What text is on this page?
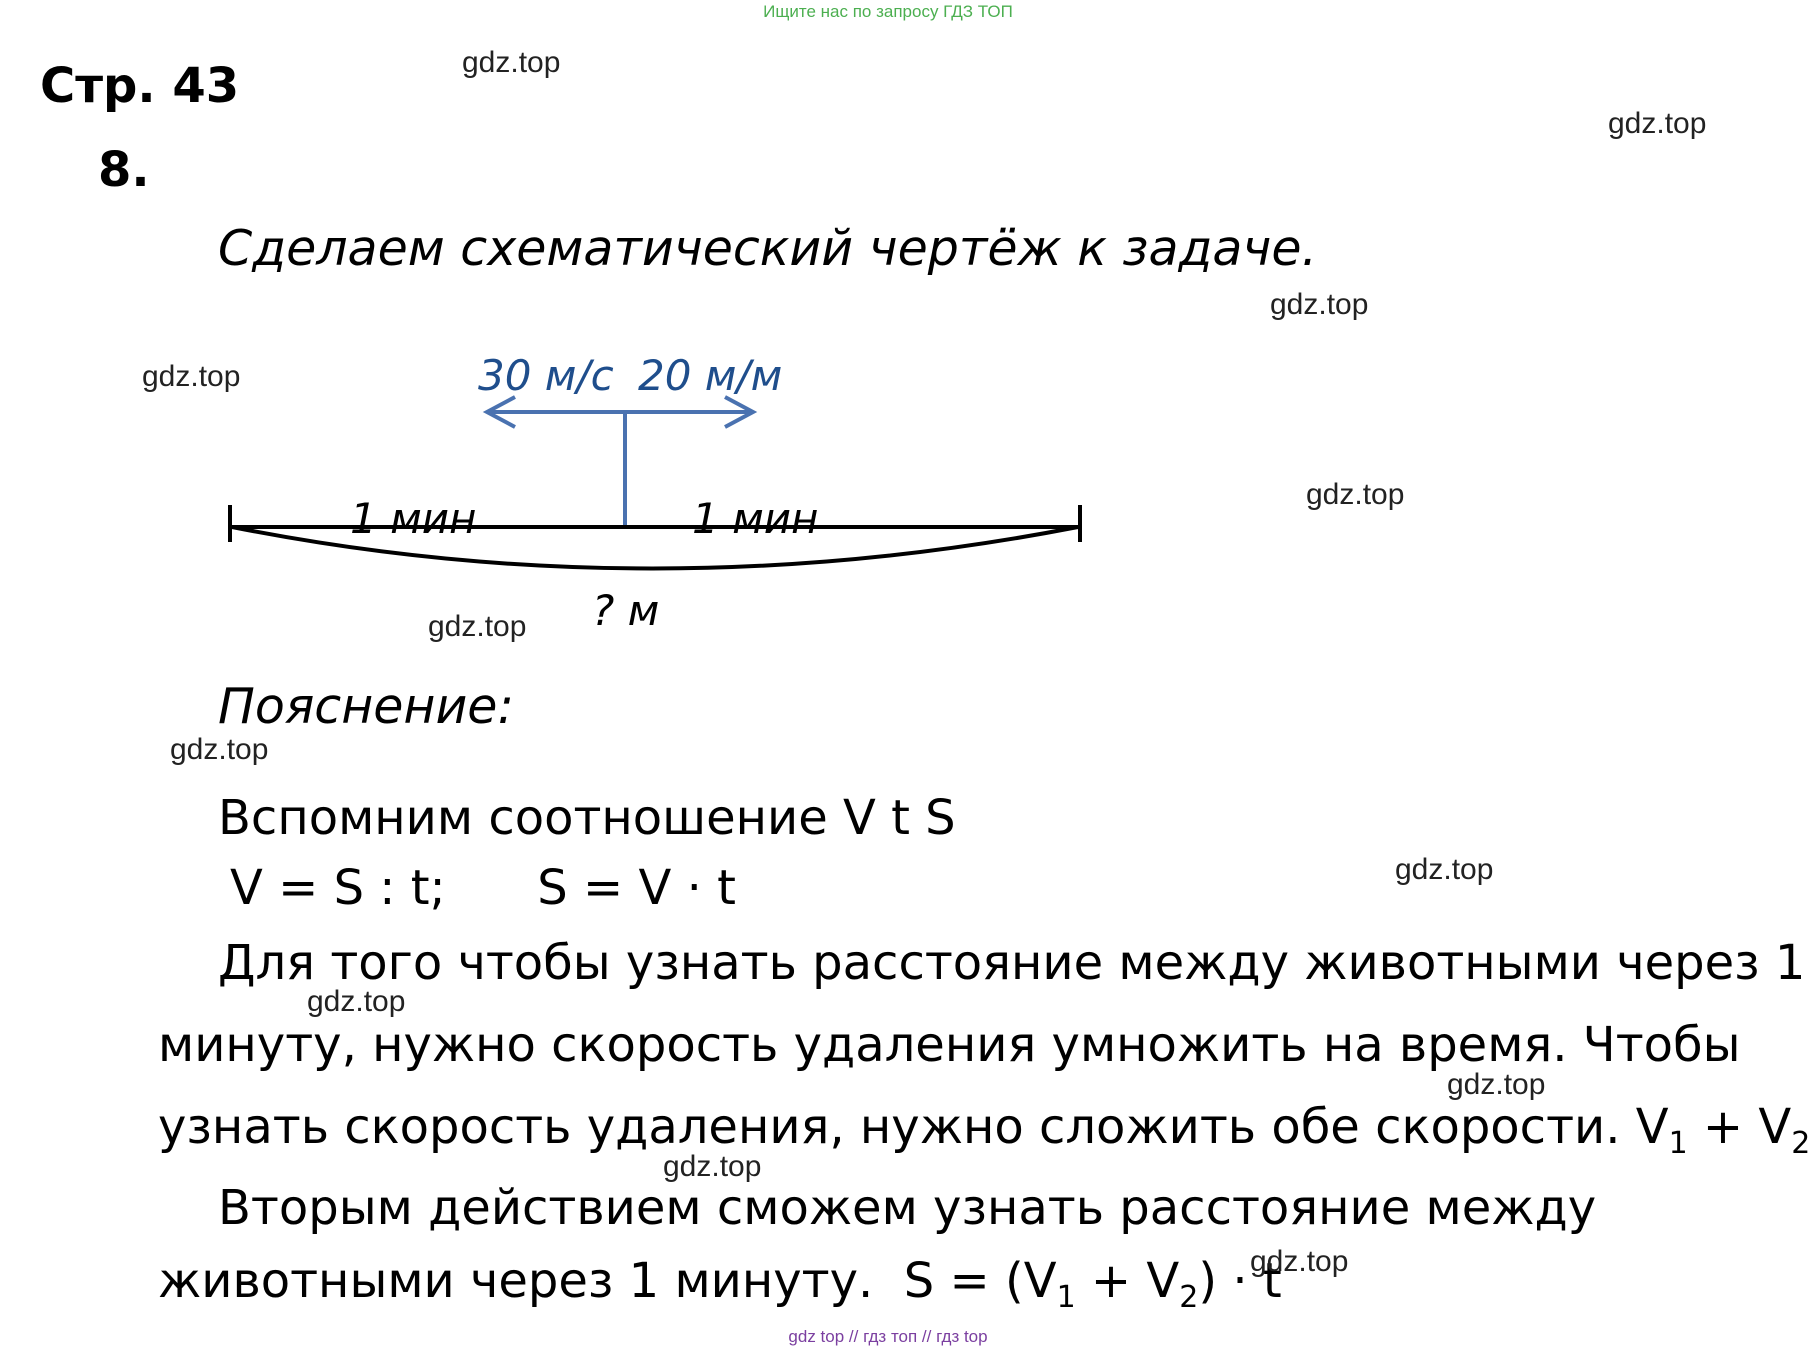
Ищите нас по запросу ГДЗ ТОП
Стр. 43
8.
Сделаем схематический чертёж к задаче.
30 м/с 20 м/м
1 мин	1 мин
? м
Пояснение:
Вспомним соотношение V t S
V = S : t;      S = V · t
Для того чтобы узнать расстояние между животными через 1
минуту, нужно скорость удаления умножить на время. Чтобы
узнать скорость удаления, нужно сложить обе скорости. $V_1 + V_2$
Вторым действием сможем узнать расстояние между
животными через 1 минуту.  $S = (V_1 + V_2) \cdot t$
gdz.top
gdz.top
gdz.top
gdz.top
gdz.top
gdz.top
gdz.top
gdz.top
gdz.top
gdz.top
gdz.top
gdz.top
gdz top // гдз топ // гдз top
